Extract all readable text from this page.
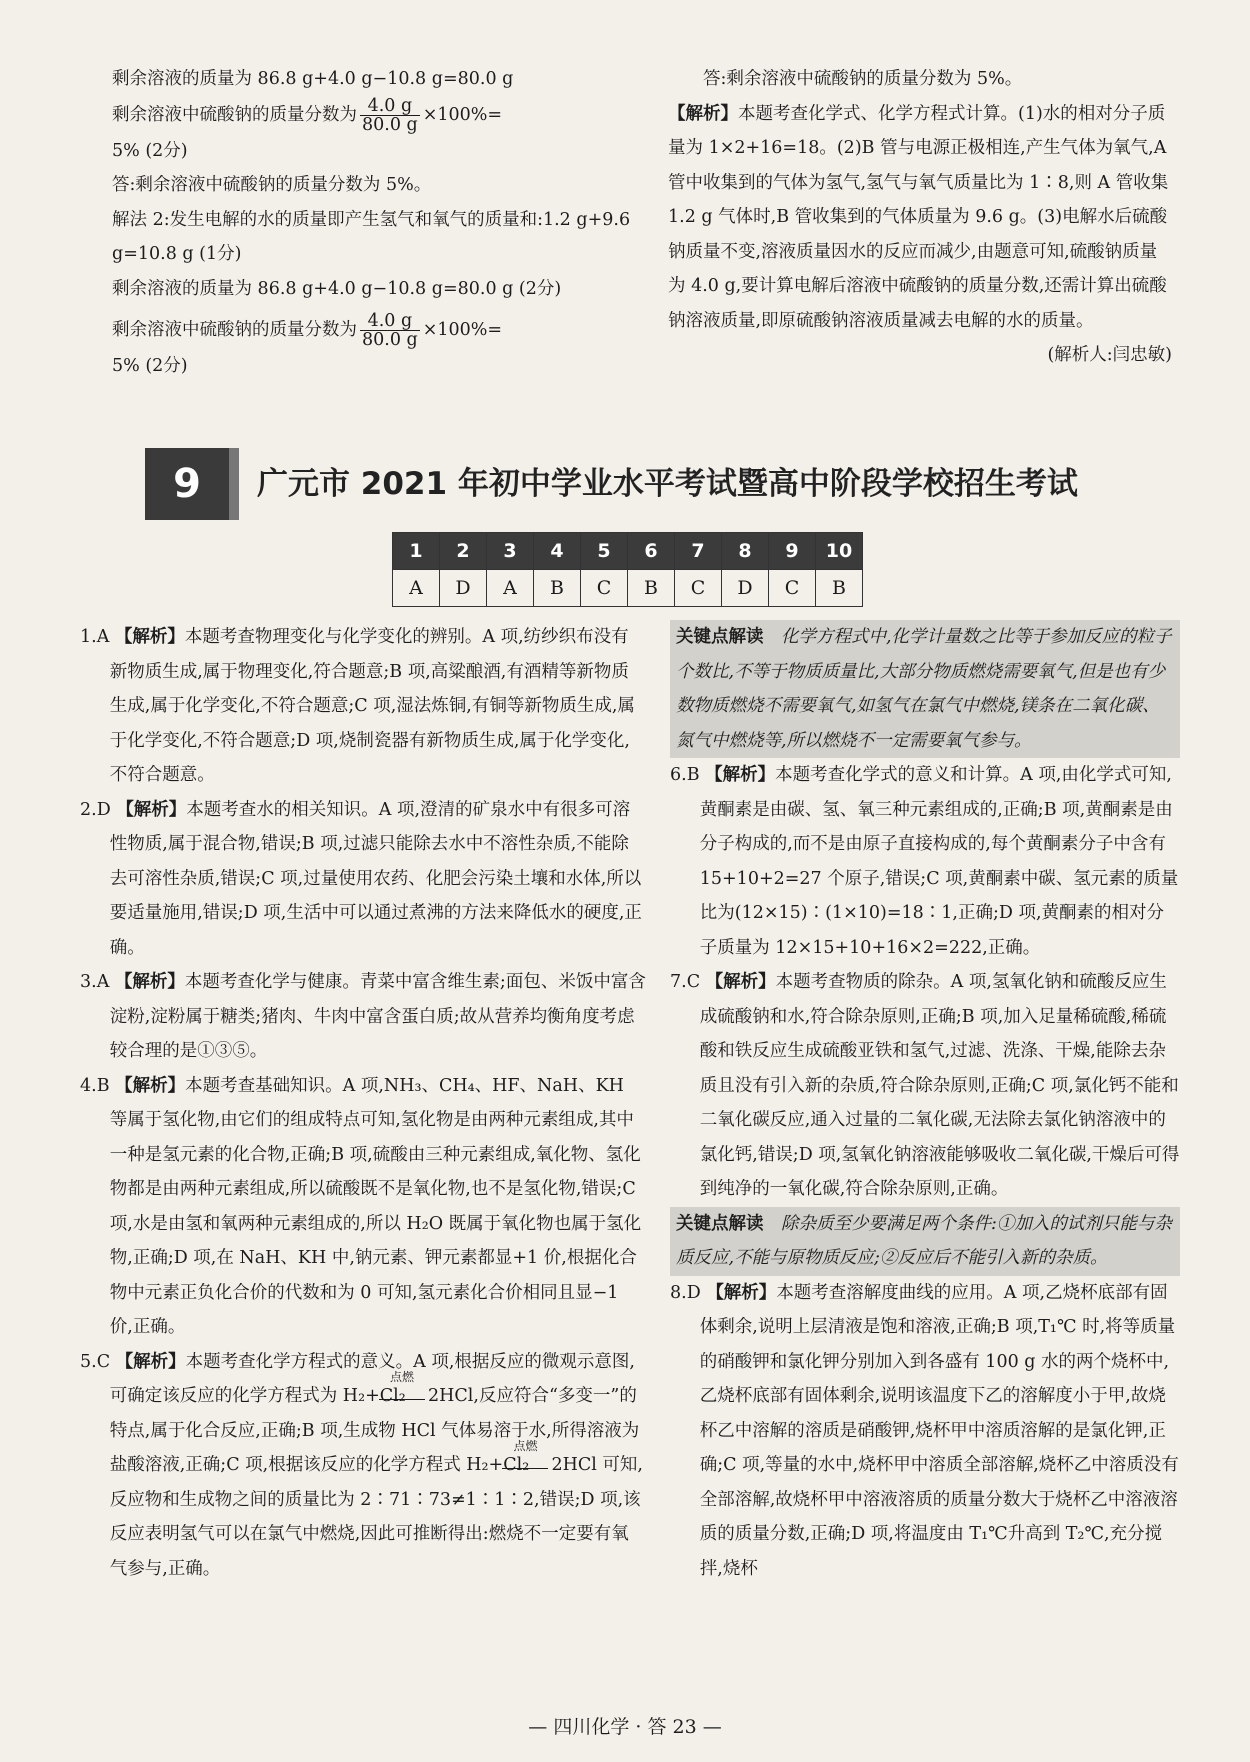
剩余溶液的质量为 86.8 g+4.0 g−10.8 g=80.0 g

剩余溶液中硫酸钠的质量分数为 $\frac{4.0 g}{80.0 g} \times 100\%=$

5% (2分)

答:剩余溶液中硫酸钠的质量分数为 5%。

解法 2:发生电解的水的质量即产生氢气和氧气的质量和:1.2 g+9.6 g=10.8 g (1分)

剩余溶液的质量为 86.8 g+4.0 g−10.8 g=80.0 g (2分)

剩余溶液中硫酸钠的质量分数为 $\frac{4.0 g}{80.0 g} \times 100\%=$

5% (2分)

答:剩余溶液中硫酸钠的质量分数为 5%。

【解析】本题考查化学式、化学方程式计算。(1)水的相对分子质量为 1×2+16=18。(2)B 管与电源正极相连,产生气体为氧气,A 管中收集到的气体为氢气,氢气与氧气质量比为 1∶8,则 A 管收集 1.2 g 气体时,B 管收集到的气体质量为 9.6 g。(3)电解水后硫酸钠质量不变,溶液质量因水的反应而减少,由题意可知,硫酸钠质量为 4.0 g,要计算电解后溶液中硫酸钠的质量分数,还需计算出硫酸钠溶液质量,即原硫酸钠溶液质量减去电解的水的质量。

(解析人:闫忠敏)

9	广元市 2021 年初中学业水平考试暨高中阶段学校招生考试
1	2	3	4	5	6	7	8	9	10
A	D	A	B	C	B	C	D	C	B

1.A 【解析】本题考查物理变化与化学变化的辨别。A 项,纺纱织布没有新物质生成,属于物理变化,符合题意;B 项,高粱酿酒,有酒精等新物质生成,属于化学变化,不符合题意;C 项,湿法炼铜,有铜等新物质生成,属于化学变化,不符合题意;D 项,烧制瓷器有新物质生成,属于化学变化,不符合题意。

2.D 【解析】本题考查水的相关知识。A 项,澄清的矿泉水中有很多可溶性物质,属于混合物,错误;B 项,过滤只能除去水中不溶性杂质,不能除去可溶性杂质,错误;C 项,过量使用农药、化肥会污染土壤和水体,所以要适量施用,错误;D 项,生活中可以通过煮沸的方法来降低水的硬度,正确。

3.A 【解析】本题考查化学与健康。青菜中富含维生素;面包、米饭中富含淀粉,淀粉属于糖类;猪肉、牛肉中富含蛋白质;故从营养均衡角度考虑较合理的是①③⑤。

4.B 【解析】本题考查基础知识。A 项,NH₃、CH₄、HF、NaH、KH 等属于氢化物,由它们的组成特点可知,氢化物是由两种元素组成,其中一种是氢元素的化合物,正确;B 项,硫酸由三种元素组成,氧化物、氢化物都是由两种元素组成,所以硫酸既不是氧化物,也不是氢化物,错误;C 项,水是由氢和氧两种元素组成的,所以 H₂O 既属于氧化物也属于氢化物,正确;D 项,在 NaH、KH 中,钠元素、钾元素都显+1 价,根据化合物中元素正负化合价的代数和为 0 可知,氢元素化合价相同且显−1 价,正确。

5.C 【解析】本题考查化学方程式的意义。A 项,根据反应的微观示意图,可确定该反应的化学方程式为 H₂+Cl₂
点燃
2HCl,反应符合“多变一”的特点,属于化合反应,正确;B 项,生成物 HCl 气体易溶于水,所得溶液为盐酸溶液,正确;C 项,根据该反应的化学方程式 H₂+Cl₂
点燃
2HCl 可知,反应物和生成物之间的质量比为 2∶71∶73≠1∶1∶2,错误;D 项,该反应表明氢气可以在氯气中燃烧,因此可推断得出:燃烧不一定要有氧气参与,正确。

关键点解读 化学方程式中,化学计量数之比等于参加反应的粒子个数比,不等于物质质量比,大部分物质燃烧需要氧气,但是也有少数物质燃烧不需要氧气,如氢气在氯气中燃烧,镁条在二氧化碳、氮气中燃烧等,所以燃烧不一定需要氧气参与。

6.B 【解析】本题考查化学式的意义和计算。A 项,由化学式可知,黄酮素是由碳、氢、氧三种元素组成的,正确;B 项,黄酮素是由分子构成的,而不是由原子直接构成的,每个黄酮素分子中含有 15+10+2=27 个原子,错误;C 项,黄酮素中碳、氢元素的质量比为(12×15)∶(1×10)=18∶1,正确;D 项,黄酮素的相对分子质量为 12×15+10+16×2=222,正确。

7.C 【解析】本题考查物质的除杂。A 项,氢氧化钠和硫酸反应生成硫酸钠和水,符合除杂原则,正确;B 项,加入足量稀硫酸,稀硫酸和铁反应生成硫酸亚铁和氢气,过滤、洗涤、干燥,能除去杂质且没有引入新的杂质,符合除杂原则,正确;C 项,氯化钙不能和二氧化碳反应,通入过量的二氧化碳,无法除去氯化钠溶液中的氯化钙,错误;D 项,氢氧化钠溶液能够吸收二氧化碳,干燥后可得到纯净的一氧化碳,符合除杂原则,正确。

关键点解读 除杂质至少要满足两个条件:①加入的试剂只能与杂质反应,不能与原物质反应;②反应后不能引入新的杂质。

8.D 【解析】本题考查溶解度曲线的应用。A 项,乙烧杯底部有固体剩余,说明上层清液是饱和溶液,正确;B 项,T₁℃ 时,将等质量的硝酸钾和氯化钾分别加入到各盛有 100 g 水的两个烧杯中,乙烧杯底部有固体剩余,说明该温度下乙的溶解度小于甲,故烧杯乙中溶解的溶质是硝酸钾,烧杯甲中溶质溶解的是氯化钾,正确;C 项,等量的水中,烧杯甲中溶质全部溶解,烧杯乙中溶质没有全部溶解,故烧杯甲中溶液溶质的质量分数大于烧杯乙中溶液溶质的质量分数,正确;D 项,将温度由 T₁℃升高到 T₂℃,充分搅拌,烧杯

— 四川化学 · 答 23 —
